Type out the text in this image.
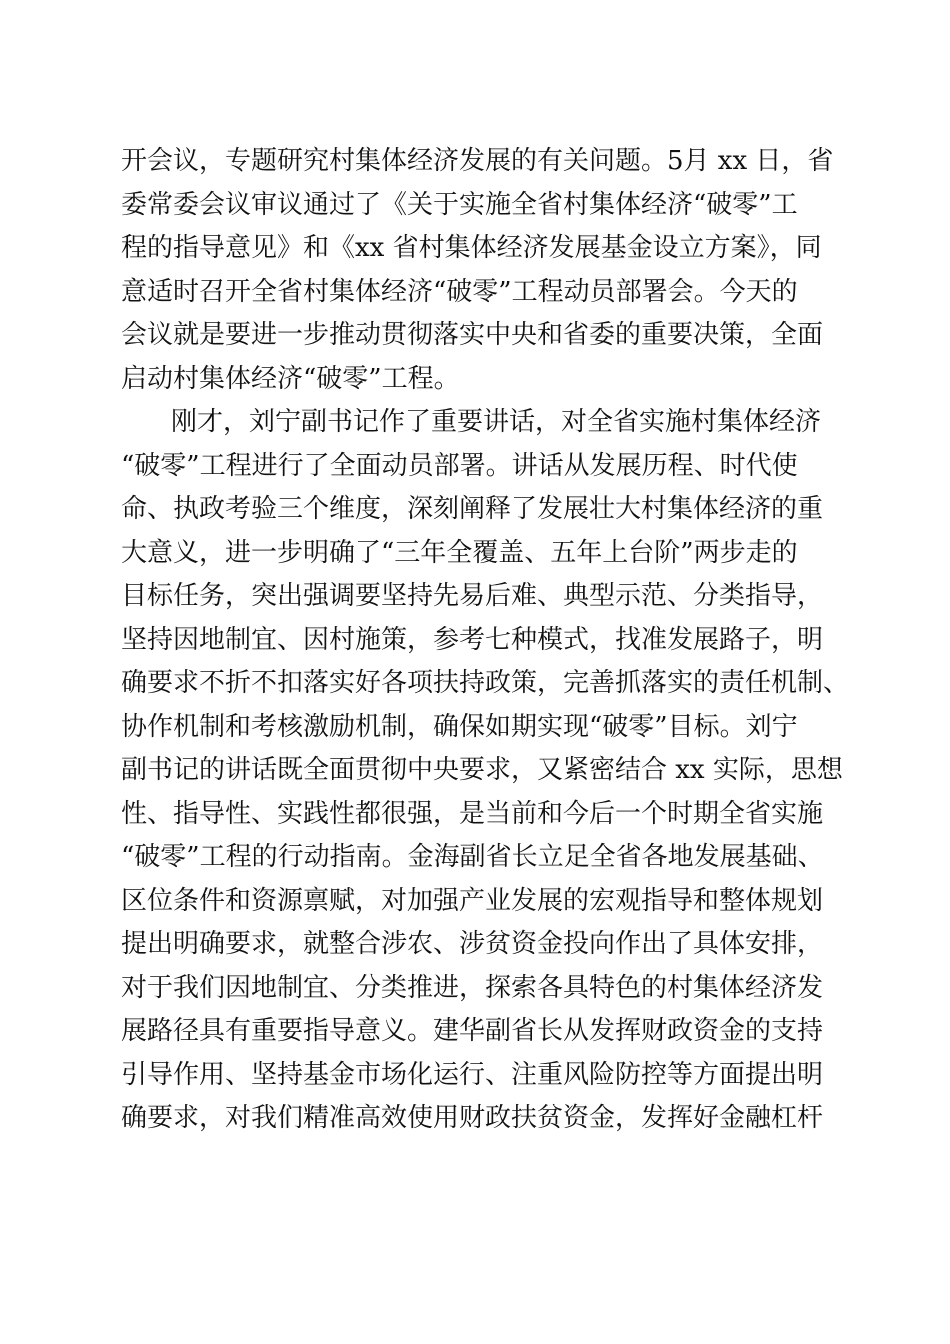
开会议，专题研究村集体经济发展的有关问题。5月 xx 日，省
委常委会议审议通过了《关于实施全省村集体经济“破零”工
程的指导意见》和《xx 省村集体经济发展基金设立方案》，同
意适时召开全省村集体经济“破零”工程动员部署会。今天的
会议就是要进一步推动贯彻落实中央和省委的重要决策，全面
启动村集体经济“破零”工程。
刚才，刘宁副书记作了重要讲话，对全省实施村集体经济
“破零”工程进行了全面动员部署。讲话从发展历程、时代使
命、执政考验三个维度，深刻阐释了发展壮大村集体经济的重
大意义，进一步明确了“三年全覆盖、五年上台阶”两步走的
目标任务，突出强调要坚持先易后难、典型示范、分类指导，
坚持因地制宜、因村施策，参考七种模式，找准发展路子，明
确要求不折不扣落实好各项扶持政策，完善抓落实的责任机制、
协作机制和考核激励机制，确保如期实现“破零”目标。刘宁
副书记的讲话既全面贯彻中央要求，又紧密结合 xx 实际，思想
性、指导性、实践性都很强，是当前和今后一个时期全省实施
“破零”工程的行动指南。金海副省长立足全省各地发展基础、
区位条件和资源禀赋，对加强产业发展的宏观指导和整体规划
提出明确要求，就整合涉农、涉贫资金投向作出了具体安排，
对于我们因地制宜、分类推进，探索各具特色的村集体经济发
展路径具有重要指导意义。建华副省长从发挥财政资金的支持
引导作用、坚持基金市场化运行、注重风险防控等方面提出明
确要求，对我们精准高效使用财政扶贫资金，发挥好金融杠杆
